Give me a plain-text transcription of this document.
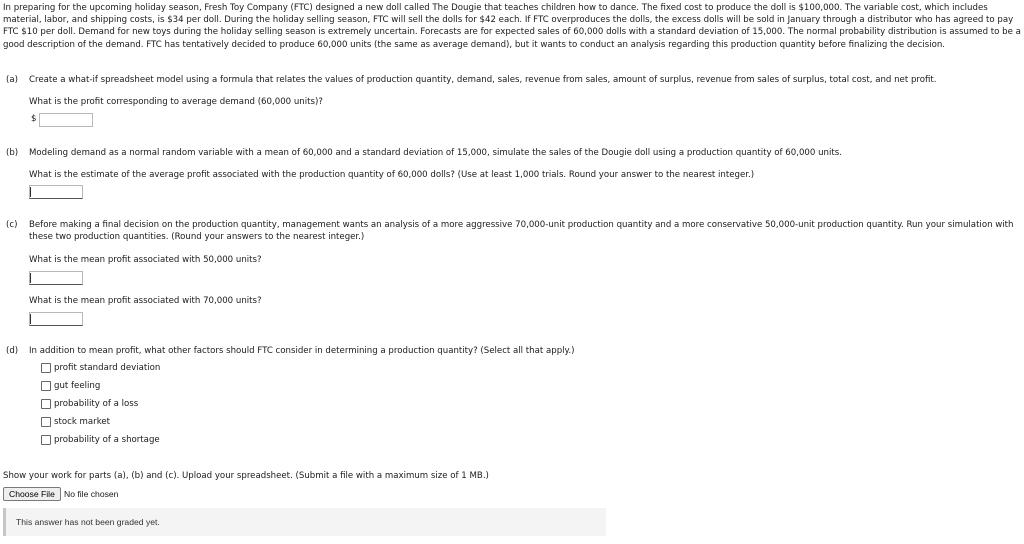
In preparing for the upcoming holiday season, Fresh Toy Company (FTC) designed a new doll called The Dougie that teaches children how to dance. The fixed cost to produce the doll is $100,000. The variable cost, which includes material, labor, and shipping costs, is $34 per doll. During the holiday selling season, FTC will sell the dolls for $42 each. If FTC overproduces the dolls, the excess dolls will be sold in January through a distributor who has agreed to pay FTC $10 per doll. Demand for new toys during the holiday selling season is extremely uncertain. Forecasts are for expected sales of 60,000 dolls with a standard deviation of 15,000. The normal probability distribution is assumed to be a good description of the demand. FTC has tentatively decided to produce 60,000 units (the same as average demand), but it wants to conduct an analysis regarding this production quantity before finalizing the decision.
(a) Create a what-if spreadsheet model using a formula that relates the values of production quantity, demand, sales, revenue from sales, amount of surplus, revenue from sales of surplus, total cost, and net profit.
What is the profit corresponding to average demand (60,000 units)?
$
(b) Modeling demand as a normal random variable with a mean of 60,000 and a standard deviation of 15,000, simulate the sales of the Dougie doll using a production quantity of 60,000 units.
What is the estimate of the average profit associated with the production quantity of 60,000 dolls? (Use at least 1,000 trials. Round your answer to the nearest integer.)
(c) Before making a final decision on the production quantity, management wants an analysis of a more aggressive 70,000-unit production quantity and a more conservative 50,000-unit production quantity. Run your simulation with these two production quantities. (Round your answers to the nearest integer.)
What is the mean profit associated with 50,000 units?
What is the mean profit associated with 70,000 units?
(d) In addition to mean profit, what other factors should FTC consider in determining a production quantity? (Select all that apply.)
profit standard deviation
gut feeling
probability of a loss
stock market
probability of a shortage
Show your work for parts (a), (b) and (c). Upload your spreadsheet. (Submit a file with a maximum size of 1 MB.)
Choose File	No file chosen
This answer has not been graded yet.
